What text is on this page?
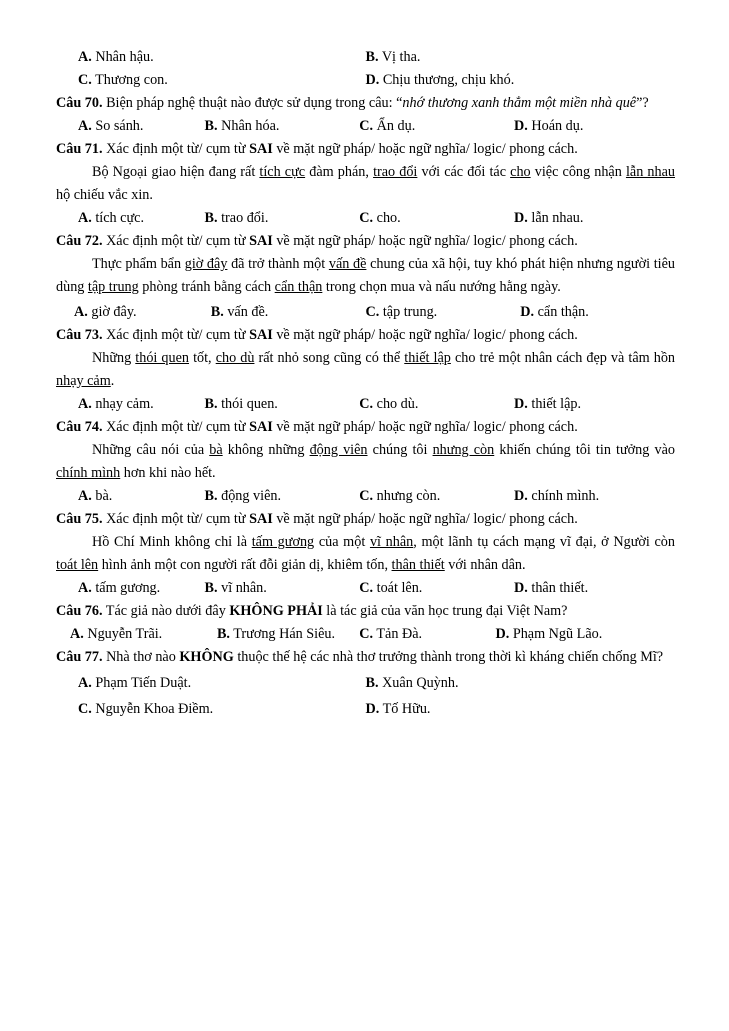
A. Nhân hậu.	B. Vị tha.
C. Thương con.	D. Chịu thương, chịu khó.

Câu 70. Biện pháp nghệ thuật nào được sử dụng trong câu: “nhớ thương xanh thẳm một miền nhà quê”?

A. So sánh.	B. Nhân hóa.	C. Ẩn dụ.	D. Hoán dụ.

Câu 71. Xác định một từ/ cụm từ SAI về mặt ngữ pháp/ hoặc ngữ nghĩa/ logic/ phong cách.

Bộ Ngoại giao hiện đang rất tích cực đàm phán, trao đổi với các đối tác cho việc công nhận lẫn nhau hộ chiếu vắc xin.

A. tích cực.	B. trao đổi.	C. cho.	D. lẫn nhau.

Câu 72. Xác định một từ/ cụm từ SAI về mặt ngữ pháp/ hoặc ngữ nghĩa/ logic/ phong cách.

Thực phẩm bẩn giờ đây đã trở thành một vấn đề chung của xã hội, tuy khó phát hiện nhưng người tiêu dùng tập trung phòng tránh bằng cách cẩn thận trong chọn mua và nấu nướng hằng ngày.

A. giờ đây.	B. vấn đề.	C. tập trung.	D. cẩn thận.

Câu 73. Xác định một từ/ cụm từ SAI về mặt ngữ pháp/ hoặc ngữ nghĩa/ logic/ phong cách.

Những thói quen tốt, cho dù rất nhỏ song cũng có thể thiết lập cho trẻ một nhân cách đẹp và tâm hồn nhạy cảm.

A. nhạy cảm.	B. thói quen.	C. cho dù.	D. thiết lập.

Câu 74. Xác định một từ/ cụm từ SAI về mặt ngữ pháp/ hoặc ngữ nghĩa/ logic/ phong cách.

Những câu nói của bà không những động viên chúng tôi nhưng còn khiến chúng tôi tin tưởng vào chính mình hơn khi nào hết.

A. bà.	B. động viên.	C. nhưng còn.	D. chính mình.

Câu 75. Xác định một từ/ cụm từ SAI về mặt ngữ pháp/ hoặc ngữ nghĩa/ logic/ phong cách.

Hồ Chí Minh không chỉ là tấm gương của một vĩ nhân, một lãnh tụ cách mạng vĩ đại, ở Người còn toát lên hình ảnh một con người rất đỗi giản dị, khiêm tốn, thân thiết với nhân dân.

A. tấm gương.	B. vĩ nhân.	C. toát lên.	D. thân thiết.

Câu 76. Tác giả nào dưới đây KHÔNG PHẢI là tác giả của văn học trung đại Việt Nam?

A. Nguyễn Trãi.	B. Trương Hán Siêu.	C. Tản Đà.	D. Phạm Ngũ Lão.

Câu 77. Nhà thơ nào KHÔNG thuộc thế hệ các nhà thơ trưởng thành trong thời kì kháng chiến chống Mĩ?

A. Phạm Tiến Duật.	B. Xuân Quỳnh.
C. Nguyễn Khoa Điềm.	D. Tố Hữu.
